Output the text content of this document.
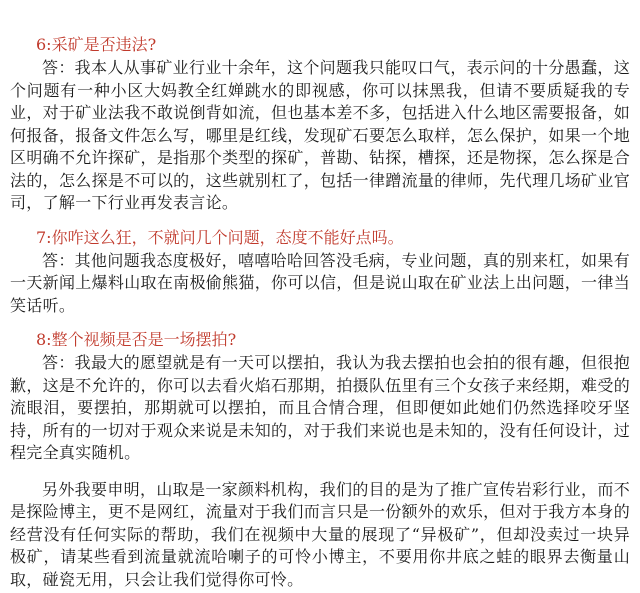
6:采矿是否违法?

答：我本人从事矿业行业十余年，这个问题我只能叹口气，表示问的十分愚蠢，这个问题有一种小区大妈教全红婵跳水的即视感，你可以抹黑我，但请不要质疑我的专业，对于矿业法我不敢说倒背如流，但也基本差不多，包括进入什么地区需要报备，如何报备，报备文件怎么写，哪里是红线，发现矿石要怎么取样，怎么保护，如果一个地区明确不允许探矿，是指那个类型的探矿，普勘、钻探，槽探，还是物探，怎么探是合法的，怎么探是不可以的，这些就别杠了，包括一律蹭流量的律师，先代理几场矿业官司，了解一下行业再发表言论。

7:你咋这么狂，不就问几个问题，态度不能好点吗。

答：其他问题我态度极好，嘻嘻哈哈回答没毛病，专业问题，真的别来杠，如果有一天新闻上爆料山取在南极偷熊猫，你可以信，但是说山取在矿业法上出问题，一律当笑话听。

8:整个视频是否是一场摆拍?

答：我最大的愿望就是有一天可以摆拍，我认为我去摆拍也会拍的很有趣，但很抱歉，这是不允许的，你可以去看火焰石那期，拍摄队伍里有三个女孩子来经期，难受的流眼泪，要摆拍，那期就可以摆拍，而且合情合理，但即便如此她们仍然选择咬牙坚持，所有的一切对于观众来说是未知的，对于我们来说也是未知的，没有任何设计，过程完全真实随机。

另外我要申明，山取是一家颜料机构，我们的目的是为了推广宣传岩彩行业，而不是探险博主，更不是网红，流量对于我们而言只是一份额外的欢乐，但对于我方本身的经营没有任何实际的帮助，我们在视频中大量的展现了“异极矿”，但却没卖过一块异极矿，请某些看到流量就流哈喇子的可怜小博主，不要用你井底之蛙的眼界去衡量山取，碰瓷无用，只会让我们觉得你可怜。
